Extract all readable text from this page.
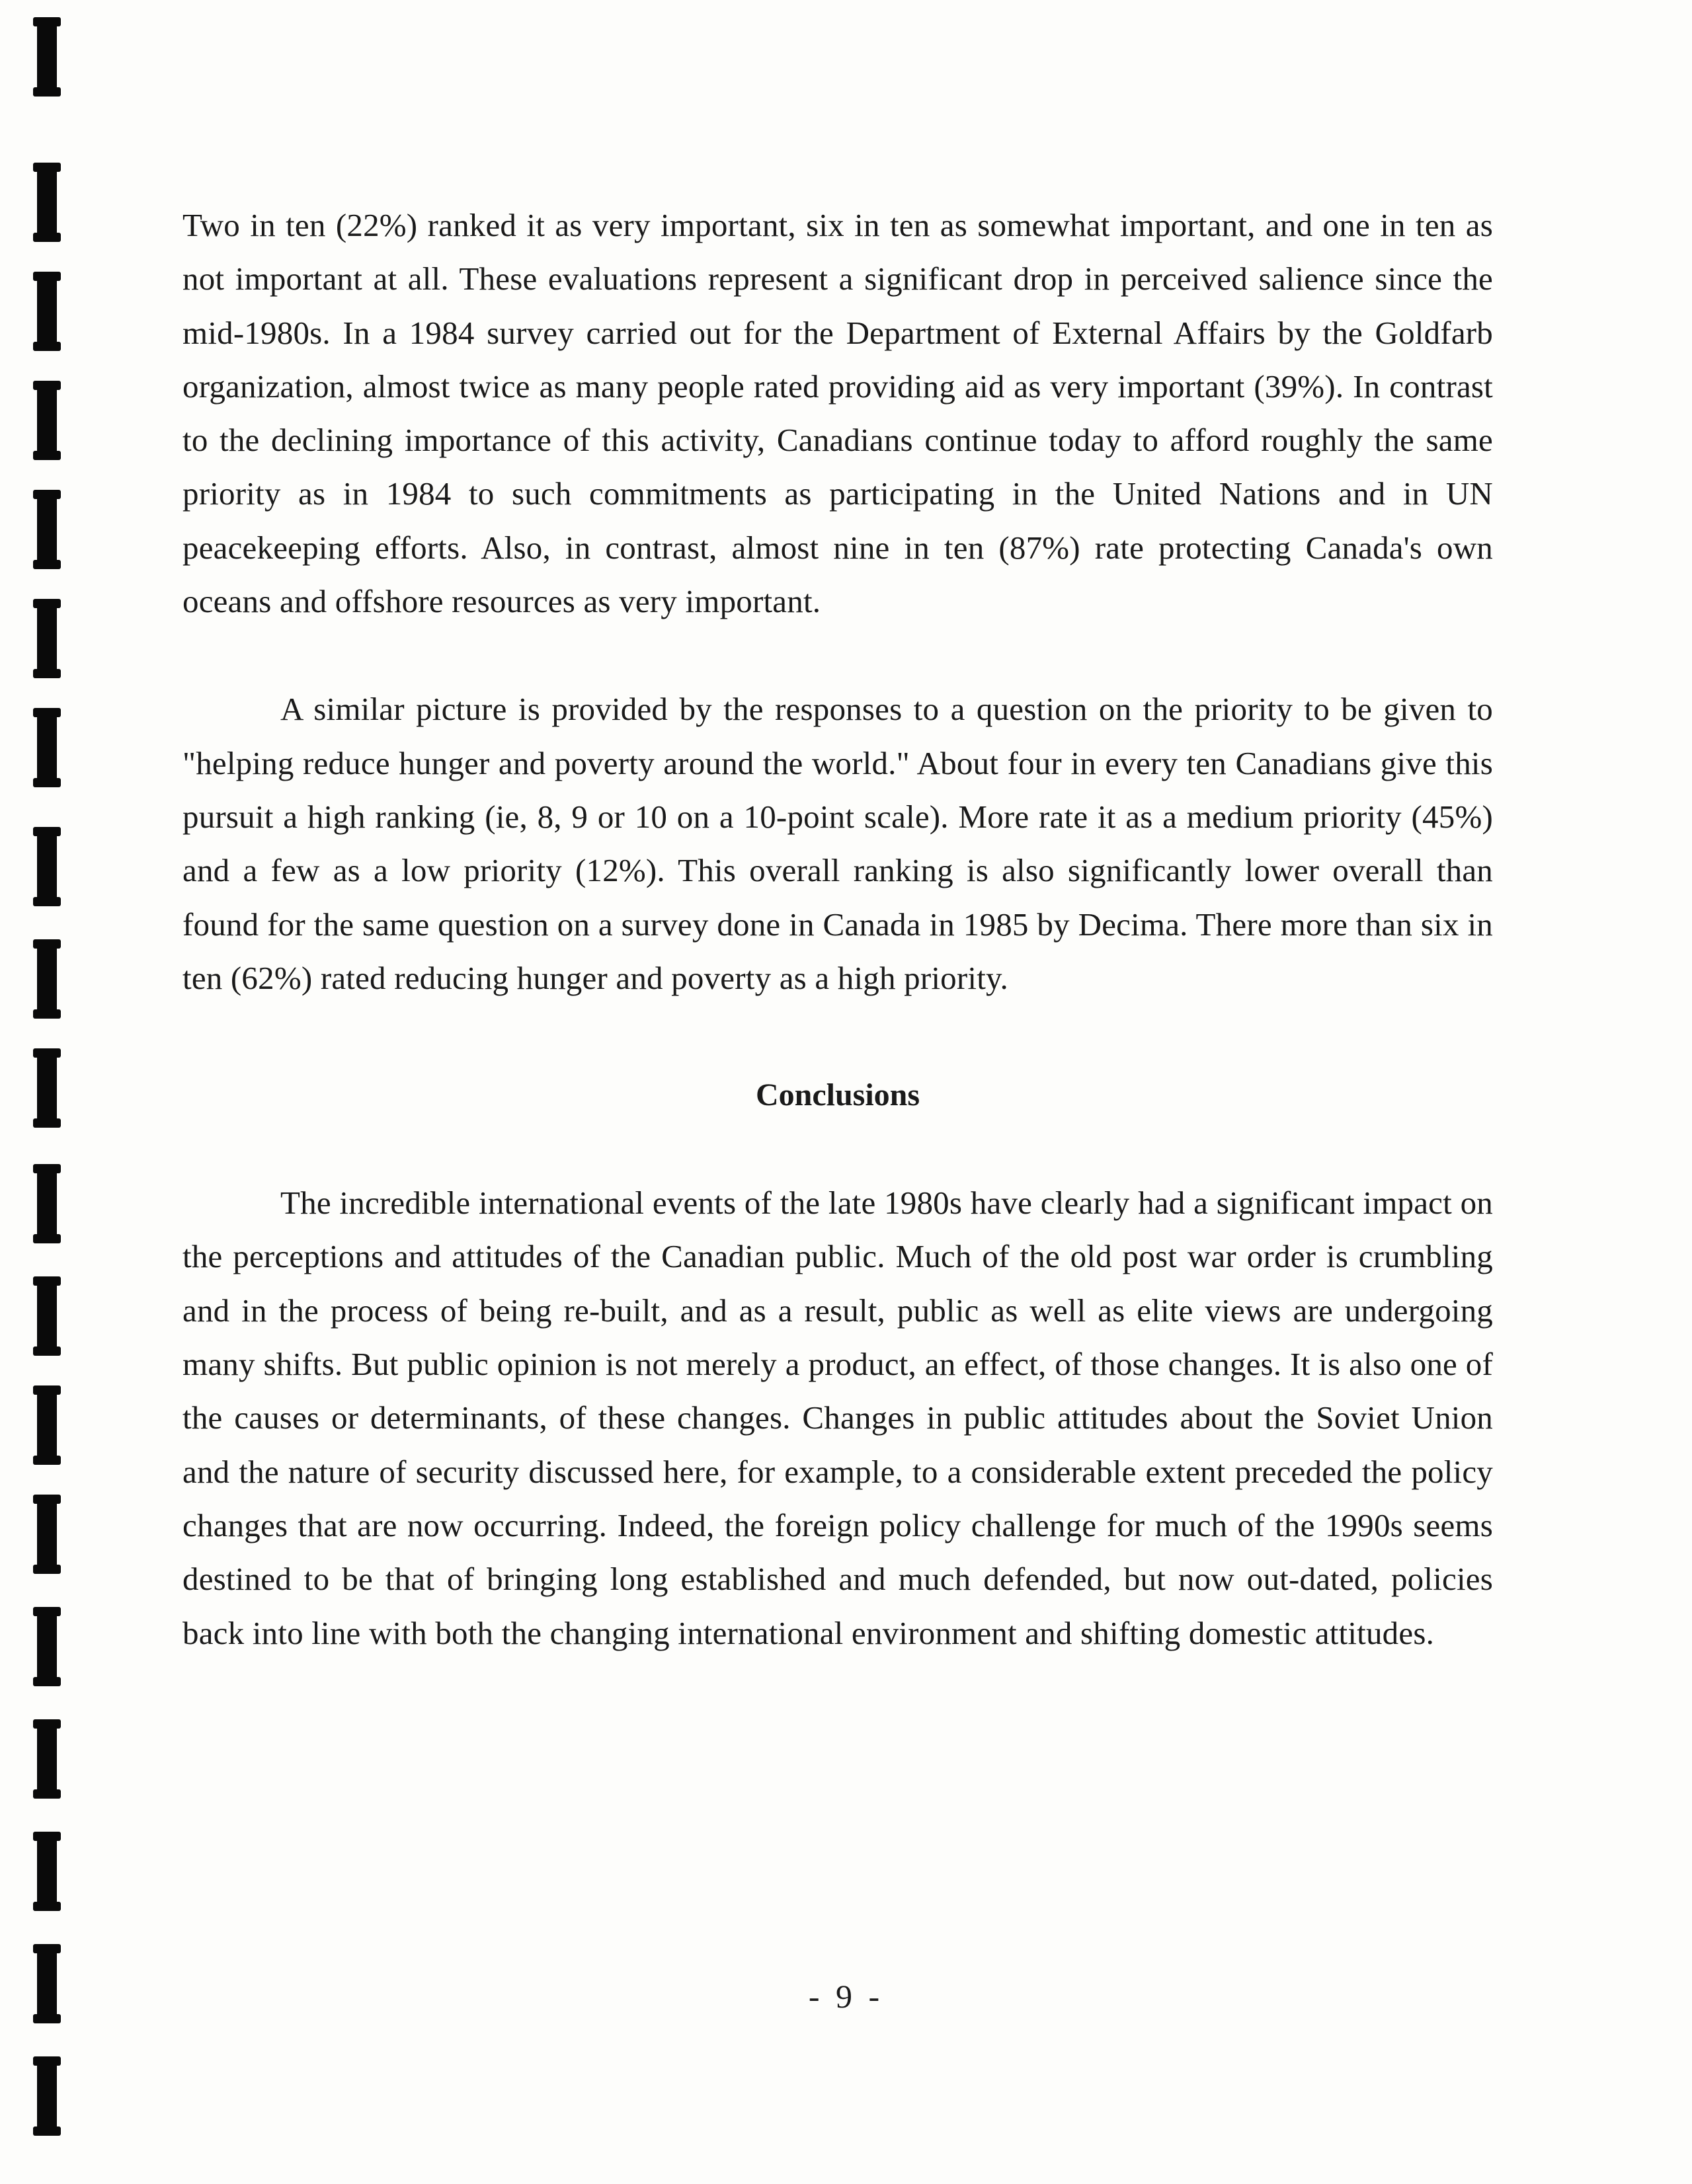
Two in ten (22%) ranked it as very important, six in ten as somewhat important, and one in ten as not important at all. These evaluations represent a significant drop in perceived salience since the mid-1980s. In a 1984 survey carried out for the Department of External Affairs by the Goldfarb organization, almost twice as many people rated providing aid as very important (39%). In contrast to the declining importance of this activity, Canadians continue today to afford roughly the same priority as in 1984 to such commitments as participating in the United Nations and in UN peacekeeping efforts. Also, in contrast, almost nine in ten (87%) rate protecting Canada's own oceans and offshore resources as very important.

A similar picture is provided by the responses to a question on the priority to be given to "helping reduce hunger and poverty around the world." About four in every ten Canadians give this pursuit a high ranking (ie, 8, 9 or 10 on a 10-point scale). More rate it as a medium priority (45%) and a few as a low priority (12%). This overall ranking is also significantly lower overall than found for the same question on a survey done in Canada in 1985 by Decima. There more than six in ten (62%) rated reducing hunger and poverty as a high priority.

Conclusions

The incredible international events of the late 1980s have clearly had a significant impact on the perceptions and attitudes of the Canadian public. Much of the old post war order is crumbling and in the process of being re-built, and as a result, public as well as elite views are undergoing many shifts. But public opinion is not merely a product, an effect, of those changes. It is also one of the causes or determinants, of these changes. Changes in public attitudes about the Soviet Union and the nature of security discussed here, for example, to a considerable extent preceded the policy changes that are now occurring. Indeed, the foreign policy challenge for much of the 1990s seems destined to be that of bringing long established and much defended, but now out-dated, policies back into line with both the changing international environment and shifting domestic attitudes.

- 9 -
